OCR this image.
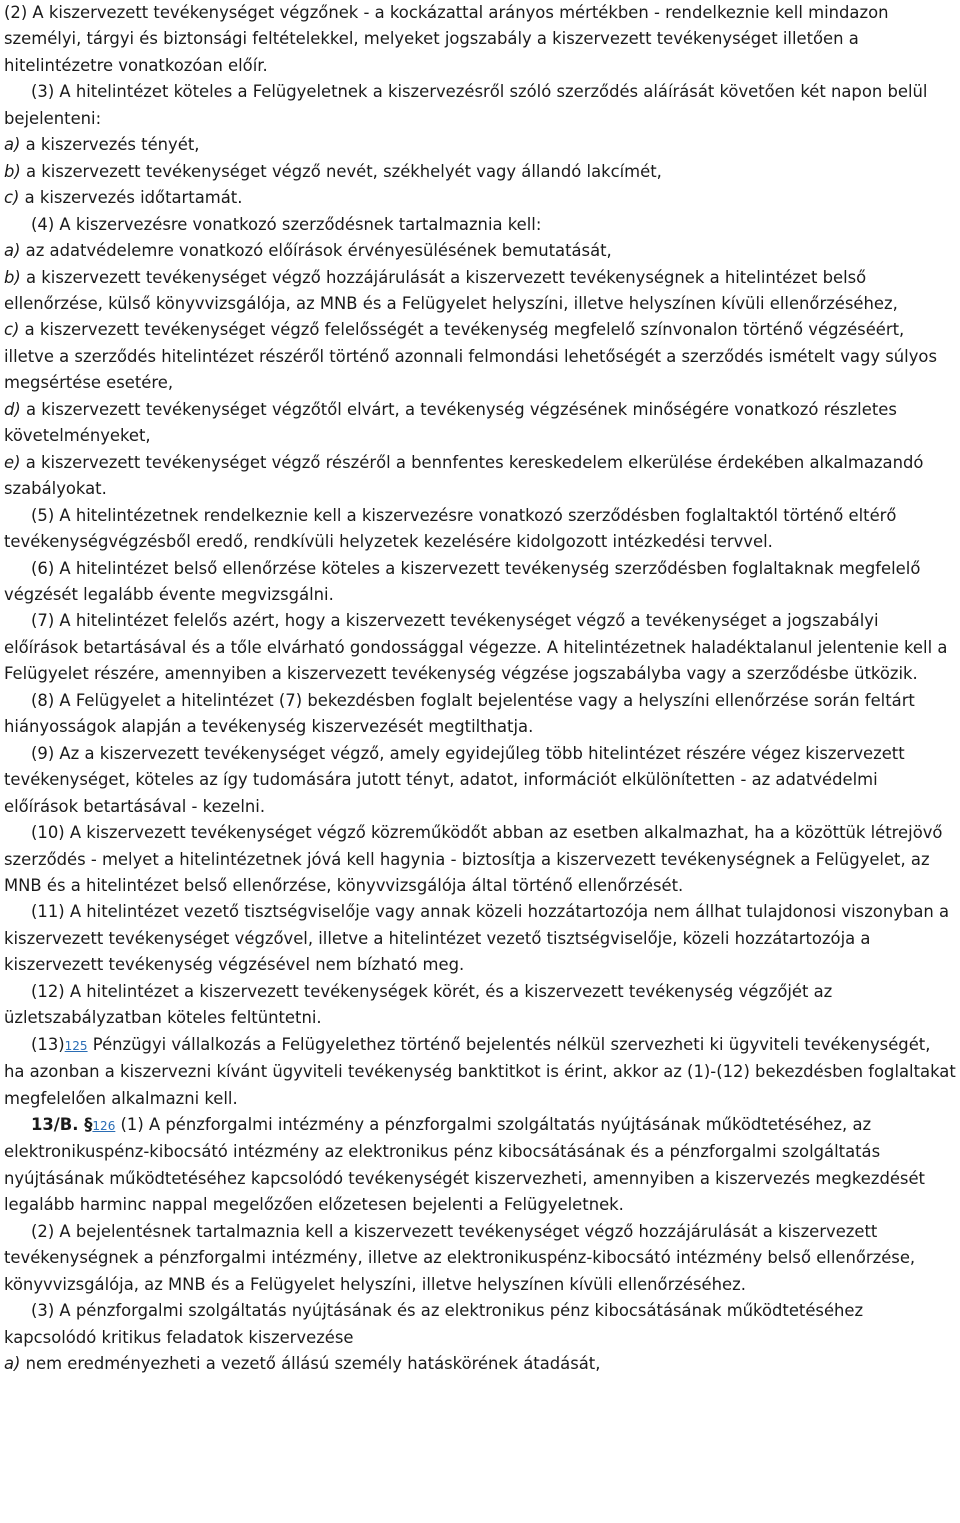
(2) A kiszervezett tevékenységet végzőnek - a kockázattal arányos mértékben - rendelkeznie kell mindazon személyi, tárgyi és biztonsági feltételekkel, melyeket jogszabály a kiszervezett tevékenységet illetően a hitelintézetre vonatkozóan előír.

(3) A hitelintézet köteles a Felügyeletnek a kiszervezésről szóló szerződés aláírását követően két napon belül bejelenteni:

a) a kiszervezés tényét,

b) a kiszervezett tevékenységet végző nevét, székhelyét vagy állandó lakcímét,

c) a kiszervezés időtartamát.

(4) A kiszervezésre vonatkozó szerződésnek tartalmaznia kell:

a) az adatvédelemre vonatkozó előírások érvényesülésének bemutatását,

b) a kiszervezett tevékenységet végző hozzájárulását a kiszervezett tevékenységnek a hitelintézet belső ellenőrzése, külső könyvvizsgálója, az MNB és a Felügyelet helyszíni, illetve helyszínen kívüli ellenőrzéséhez,

c) a kiszervezett tevékenységet végző felelősségét a tevékenység megfelelő színvonalon történő végzéséért, illetve a szerződés hitelintézet részéről történő azonnali felmondási lehetőségét a szerződés ismételt vagy súlyos megsértése esetére,

d) a kiszervezett tevékenységet végzőtől elvárt, a tevékenység végzésének minőségére vonatkozó részletes követelményeket,

e) a kiszervezett tevékenységet végző részéről a bennfentes kereskedelem elkerülése érdekében alkalmazandó szabályokat.

(5) A hitelintézetnek rendelkeznie kell a kiszervezésre vonatkozó szerződésben foglaltaktól történő eltérő tevékenységvégzésből eredő, rendkívüli helyzetek kezelésére kidolgozott intézkedési tervvel.

(6) A hitelintézet belső ellenőrzése köteles a kiszervezett tevékenység szerződésben foglaltaknak megfelelő végzését legalább évente megvizsgálni.

(7) A hitelintézet felelős azért, hogy a kiszervezett tevékenységet végző a tevékenységet a jogszabályi előírások betartásával és a tőle elvárható gondossággal végezze. A hitelintézetnek haladéktalanul jelentenie kell a Felügyelet részére, amennyiben a kiszervezett tevékenység végzése jogszabályba vagy a szerződésbe ütközik.

(8) A Felügyelet a hitelintézet (7) bekezdésben foglalt bejelentése vagy a helyszíni ellenőrzése során feltárt hiányosságok alapján a tevékenység kiszervezését megtilthatja.

(9) Az a kiszervezett tevékenységet végző, amely egyidejűleg több hitelintézet részére végez kiszervezett tevékenységet, köteles az így tudomására jutott tényt, adatot, információt elkülönítetten - az adatvédelmi előírások betartásával - kezelni.

(10) A kiszervezett tevékenységet végző közreműködőt abban az esetben alkalmazhat, ha a közöttük létrejövő szerződés - melyet a hitelintézetnek jóvá kell hagynia - biztosítja a kiszervezett tevékenységnek a Felügyelet, az MNB és a hitelintézet belső ellenőrzése, könyvvizsgálója által történő ellenőrzését.

(11) A hitelintézet vezető tisztségviselője vagy annak közeli hozzátartozója nem állhat tulajdonosi viszonyban a kiszervezett tevékenységet végzővel, illetve a hitelintézet vezető tisztségviselője, közeli hozzátartozója a kiszervezett tevékenység végzésével nem bízható meg.

(12) A hitelintézet a kiszervezett tevékenységek körét, és a kiszervezett tevékenység végzőjét az üzletszabályzatban köteles feltüntetni.

(13)125 Pénzügyi vállalkozás a Felügyelethez történő bejelentés nélkül szervezheti ki ügyviteli tevékenységét, ha azonban a kiszervezni kívánt ügyviteli tevékenység banktitkot is érint, akkor az (1)-(12) bekezdésben foglaltakat megfelelően alkalmazni kell.

13/B. §126 (1) A pénzforgalmi intézmény a pénzforgalmi szolgáltatás nyújtásának működtetéséhez, az elektronikuspénz-kibocsátó intézmény az elektronikus pénz kibocsátásának és a pénzforgalmi szolgáltatás nyújtásának működtetéséhez kapcsolódó tevékenységét kiszervezheti, amennyiben a kiszervezés megkezdését legalább harminc nappal megelőzően előzetesen bejelenti a Felügyeletnek.

(2) A bejelentésnek tartalmaznia kell a kiszervezett tevékenységet végző hozzájárulását a kiszervezett tevékenységnek a pénzforgalmi intézmény, illetve az elektronikuspénz-kibocsátó intézmény belső ellenőrzése, könyvvizsgálója, az MNB és a Felügyelet helyszíni, illetve helyszínen kívüli ellenőrzéséhez.

(3) A pénzforgalmi szolgáltatás nyújtásának és az elektronikus pénz kibocsátásának működtetéséhez kapcsolódó kritikus feladatok kiszervezése

a) nem eredményezheti a vezető állású személy hatáskörének átadását,
